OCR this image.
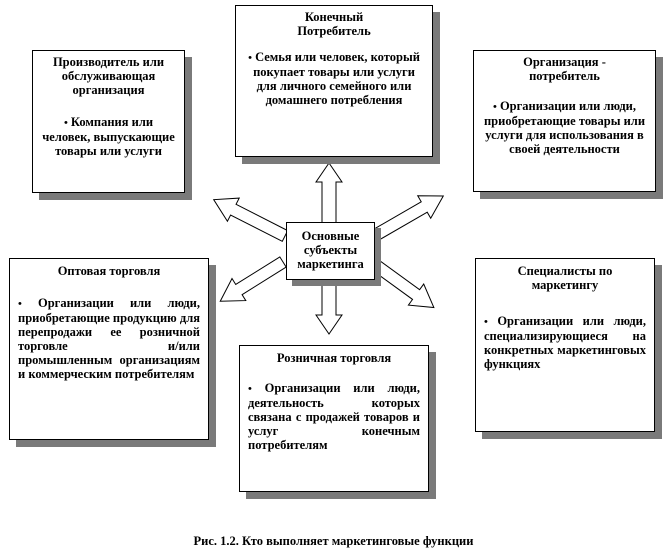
Основные субъекты маркетинга
Конечный Потребитель
• Семья или человек, который покупает товары или услуги для личного семейного или домашнего потребления
Производитель или обслуживающая организация
• Компания или человек, выпускающие товары или услуги
Организация - потребитель
• Организации или люди, приобретающие товары или услуги для использования в своей деятельности
Оптовая торговля
• Организации или люди, приобретающие продукцию для перепродажи ее розничной торговле и/или промышленным организациям и коммерческим потребителям
Розничная торговля
• Организации или люди, деятельность которых связана с продажей товаров и услуг конечным потребителям
Специалисты по маркетингу
• Организации или люди, специализирующиеся на конкретных маркетинговых функциях
Рис. 1.2. Кто выполняет маркетинговые функции
